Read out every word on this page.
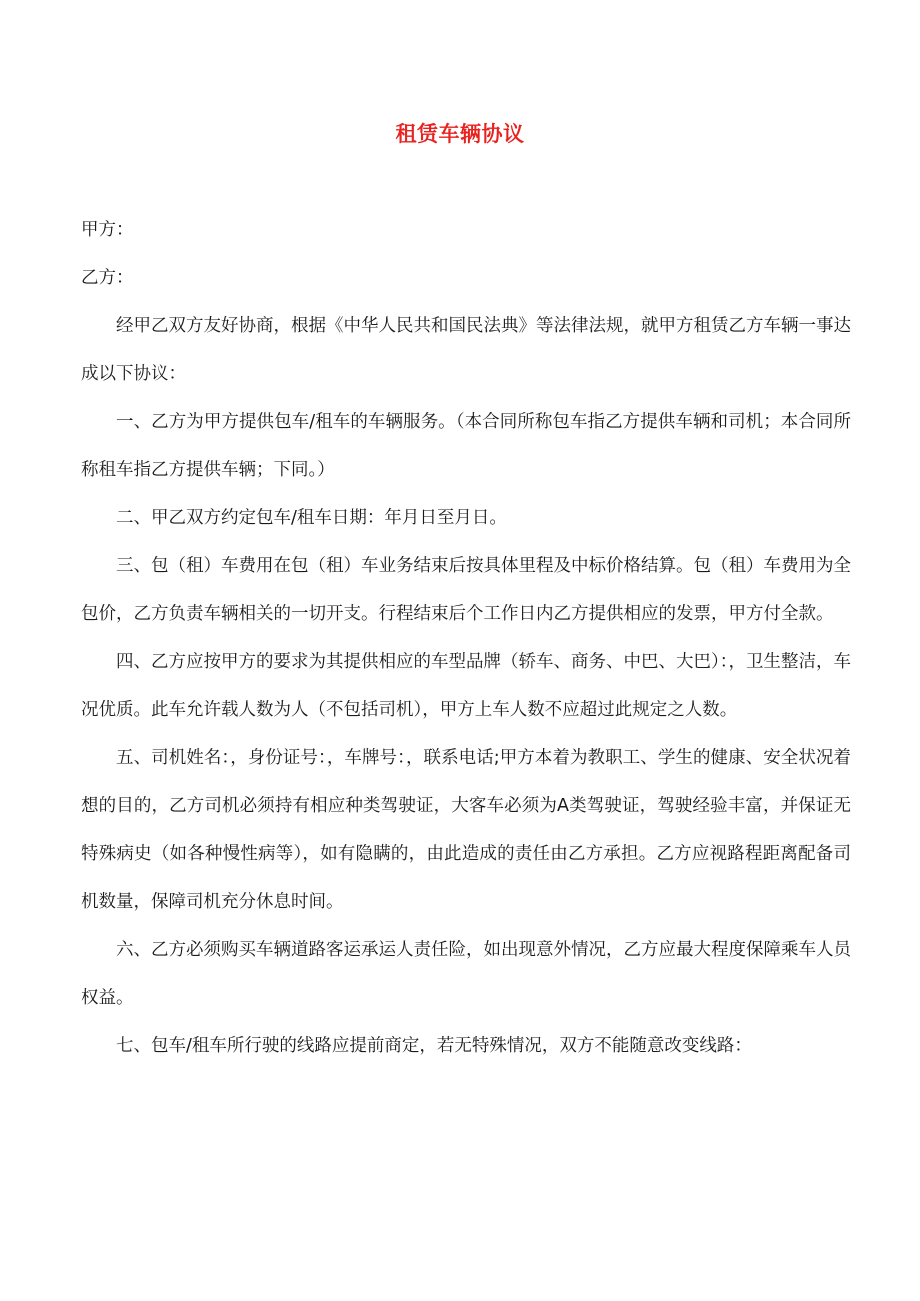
租赁车辆协议

甲方：

乙方：

经甲乙双方友好协商，根据《中华人民共和国民法典》等法律法规，就甲方租赁乙方车辆一事达成以下协议：

一、乙方为甲方提供包车/租车的车辆服务。（本合同所称包车指乙方提供车辆和司机；本合同所称租车指乙方提供车辆；下同。）

二、甲乙双方约定包车/租车日期：年月日至月日。

三、包（租）车费用在包（租）车业务结束后按具体里程及中标价格结算。包（租）车费用为全包价，乙方负责车辆相关的一切开支。行程结束后个工作日内乙方提供相应的发票，甲方付全款。

四、乙方应按甲方的要求为其提供相应的车型品牌（轿车、商务、中巴、大巴）：，卫生整洁，车况优质。此车允许载人数为人（不包括司机），甲方上车人数不应超过此规定之人数。

五、司机姓名：，身份证号：，车牌号：，联系电话;甲方本着为教职工、学生的健康、安全状况着想的目的，乙方司机必须持有相应种类驾驶证，大客车必须为A类驾驶证，驾驶经验丰富，并保证无特殊病史（如各种慢性病等），如有隐瞒的，由此造成的责任由乙方承担。乙方应视路程距离配备司机数量，保障司机充分休息时间。

六、乙方必须购买车辆道路客运承运人责任险，如出现意外情况，乙方应最大程度保障乘车人员权益。

七、包车/租车所行驶的线路应提前商定，若无特殊情况，双方不能随意改变线路：
